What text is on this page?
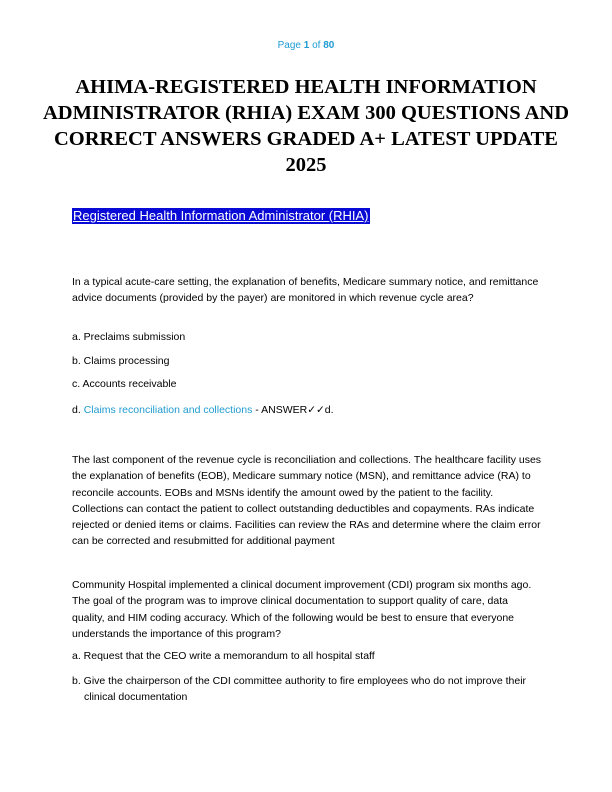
Page 1 of 80
AHIMA-REGISTERED HEALTH INFORMATION ADMINISTRATOR (RHIA) EXAM 300 QUESTIONS AND CORRECT ANSWERS GRADED A+ LATEST UPDATE 2025
Registered Health Information Administrator (RHIA)

In a typical acute-care setting, the explanation of benefits, Medicare summary notice, and remittance advice documents (provided by the payer) are monitored in which revenue cycle area?

a. Preclaims submission

b. Claims processing

c. Accounts receivable

d. Claims reconciliation and collections - ANSWER✓✓d.

The last component of the revenue cycle is reconciliation and collections. The healthcare facility uses the explanation of benefits (EOB), Medicare summary notice (MSN), and remittance advice (RA) to reconcile accounts. EOBs and MSNs identify the amount owed by the patient to the facility. Collections can contact the patient to collect outstanding deductibles and copayments. RAs indicate rejected or denied items or claims. Facilities can review the RAs and determine where the claim error can be corrected and resubmitted for additional payment

Community Hospital implemented a clinical document improvement (CDI) program six months ago. The goal of the program was to improve clinical documentation to support quality of care, data quality, and HIM coding accuracy. Which of the following would be best to ensure that everyone understands the importance of this program?

a. Request that the CEO write a memorandum to all hospital staff

b. Give the chairperson of the CDI committee authority to fire employees who do not improve their clinical documentation
